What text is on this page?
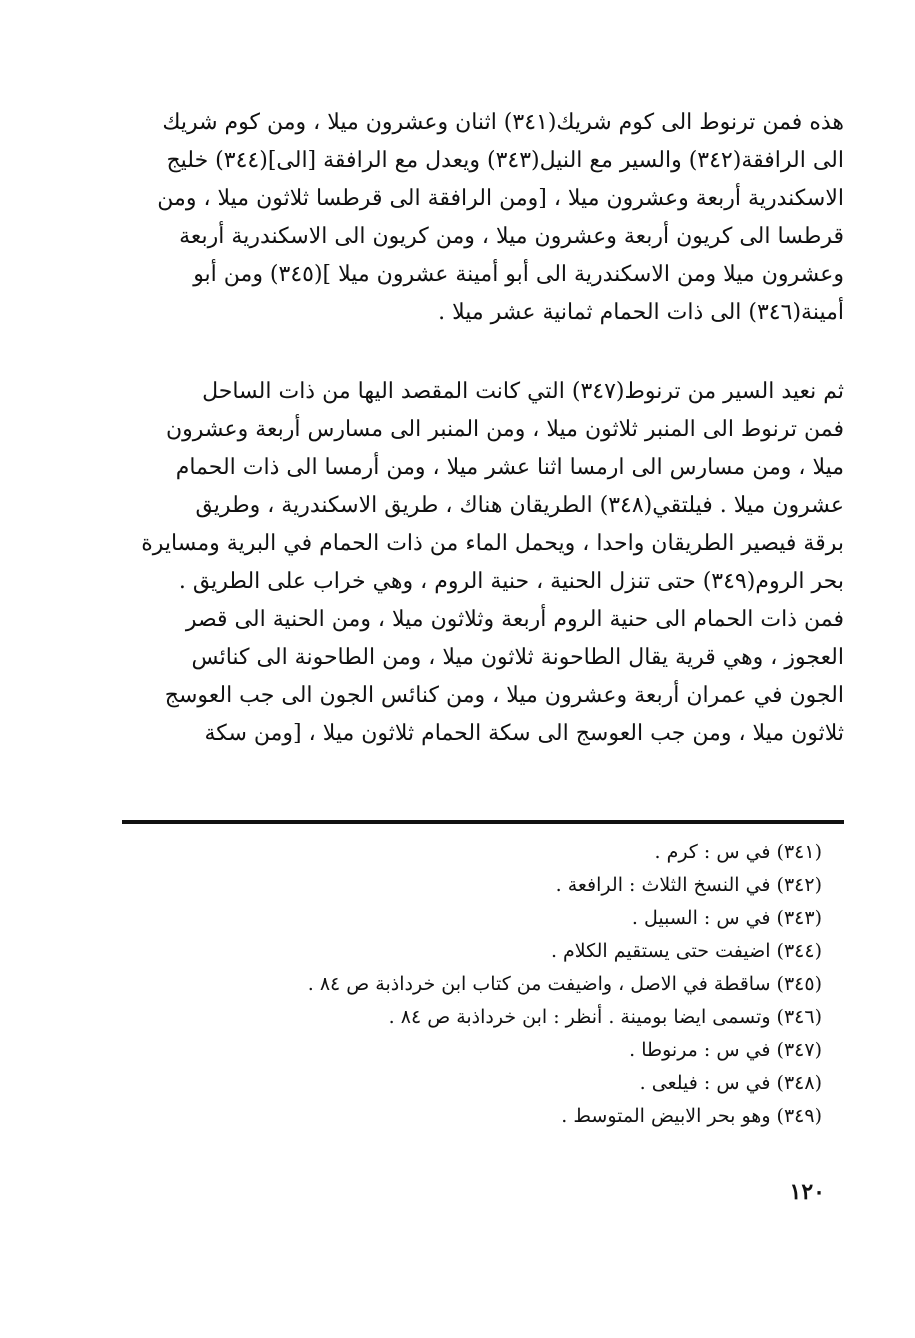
هذه فمن ترنوط الى كوم شريك(٣٤١) اثنان وعشرون ميلا ، ومن كوم شريك
الى الرافقة(٣٤٢) والسير مع النيل(٣٤٣) ويعدل مع الرافقة [الى](٣٤٤) خليج
الاسكندرية أربعة وعشرون ميلا ، [ومن الرافقة الى قرطسا ثلاثون ميلا ، ومن
قرطسا الى كريون أربعة وعشرون ميلا ، ومن كريون الى الاسكندرية أربعة
وعشرون ميلا ومن الاسكندرية الى أبو أمينة عشرون ميلا ](٣٤٥) ومن أبو
أمينة(٣٤٦) الى ذات الحمام ثمانية عشر ميلا .
ثم نعيد السير من ترنوط(٣٤٧) التي كانت المقصد اليها من ذات الساحل
فمن ترنوط الى المنبر ثلاثون ميلا ، ومن المنبر الى مسارس أربعة وعشرون
ميلا ، ومن مسارس الى ارمسا اثنا عشر ميلا ، ومن أرمسا الى ذات الحمام
عشرون ميلا . فيلتقي(٣٤٨) الطريقان هناك ، طريق الاسكندرية ، وطريق
برقة فيصير الطريقان واحدا ، ويحمل الماء من ذات الحمام في البرية ومسايرة
بحر الروم(٣٤٩) حتى تنزل الحنية ، حنية الروم ، وهي خراب على الطريق .
فمن ذات الحمام الى حنية الروم أربعة وثلاثون ميلا ، ومن الحنية الى قصر
العجوز ، وهي قرية يقال الطاحونة ثلاثون ميلا ، ومن الطاحونة الى كنائس
الجون في عمران أربعة وعشرون ميلا ، ومن كنائس الجون الى جب العوسج
ثلاثون ميلا ، ومن جب العوسج الى سكة الحمام ثلاثون ميلا ، [ومن سكة
(٣٤١) في س : كرم .
(٣٤٢) في النسخ الثلاث : الرافعة .
(٣٤٣) في س : السبيل .
(٣٤٤) اضيفت حتى يستقيم الكلام .
(٣٤٥) ساقطة في الاصل ، واضيفت من كتاب ابن خرداذبة ص ٨٤ .
(٣٤٦) وتسمى ايضا بومينة . أنظر : ابن خرداذبة ص ٨٤ .
(٣٤٧) في س : مرنوطا .
(٣٤٨) في س : فيلعى .
(٣٤٩) وهو بحر الابيض المتوسط .
١٢٠
